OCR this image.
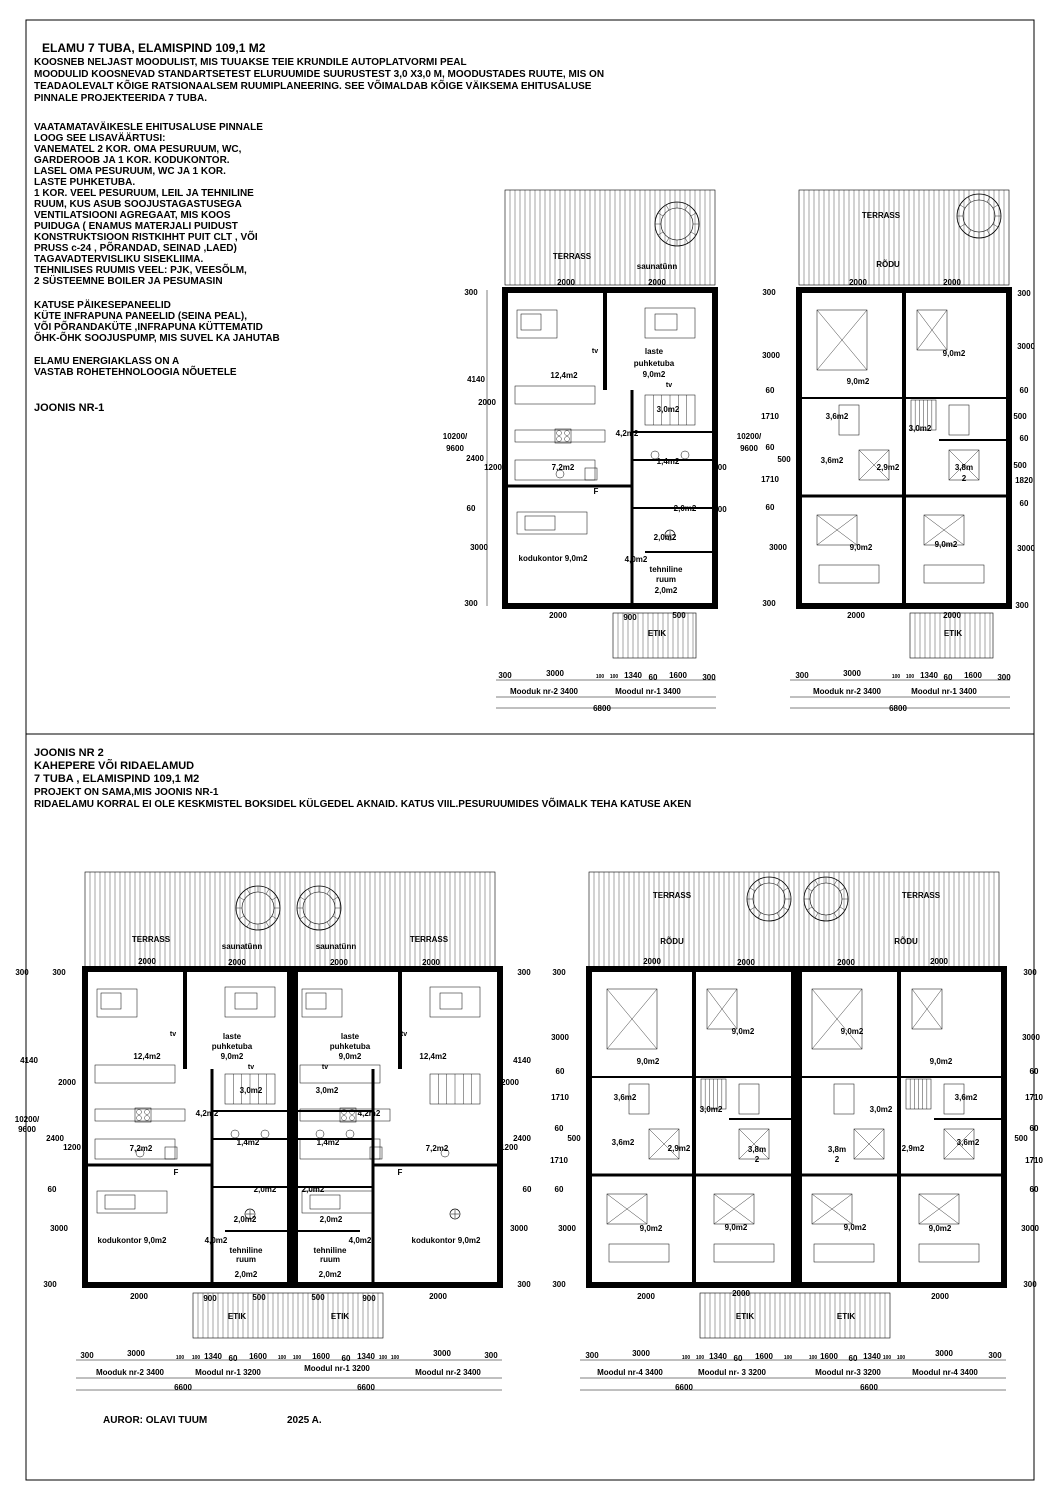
TERRASS
saunatünn
2000	2000
12,4m2
tv	laste
puhketuba
9,0m2
tv
3,0m2
4,2m2
7,2m2
F
1,4m2
2,0m2
2,0m2
kodukontor 9,0m2	4,0m2
tehniline
ruum
2,0m2
2000	900	500
ETIK
300
4140
2000
10200/
9600
2400
1200
60
3000
300
500
500
300	3000	100 100 1340 60 1600 300
Mooduk nr-2 3400	Moodul nr-1 3400
6800
TERRASS
RÕDU
2000	2000
9,0m2
9,0m2
3,6m2
3,0m2
3,6m2
2,9m2	3,8m
2
9,0m2	9,0m2
2000	2000
ETIK
300
3000
60
1710
10200/
9600 60
500
1710
60
3000
300
300
3000
60
500
60
500
1820
60
3000
300
300	3000	100 100 1340 60 1600 300
Mooduk nr-2 3400	Moodul nr-1 3400
6800
TERRASS
saunatünn	saunatünn
TERRASS
2000	2000	2000	2000
12,4m2	12,4m2
tv	tv
laste
puhketuba
9,0m2
laste
puhketuba
9,0m2
tv	tv
3,0m2	3,0m2
4,2m2	4,2m2
7,2m2	7,2m2
F	F
1,4m2	1,4m2
2,0m2	2,0m2
2,0m2	2,0m2
kodukontor 9,0m2	kodukontor 9,0m2
4,0m2	4,0m2
tehniline
ruum
2,0m2
tehniline
ruum
2,0m2
2000	2000
900	500	500	900
ETIK	ETIK
300	300
4140
2000
10200/
9600
2400
1200
60
3000
300
300
4140
2000
2400
1200
60
3000
300
300	3000	100 100 1340 60 1600 100 100 1600 60 1340 100 100	3000	300
Mooduk nr-2 3400	Moodul nr-1 3200	Moodul nr-1 3200	Moodul nr-2 3400
6600	6600
TERRASS	TERRASS
RÕDU	RÕDU
2000	2000	2000	2000
9,0m2	9,0m2
9,0m2	9,0m2
3,6m2	3,6m2
3,0m2	3,0m2
3,6m2	3,6m2
2,9m2	2,9m2
3,8m
2
3,8m
2
9,0m2	9,0m2	9,0m2	9,0m2
2000	2000	2000
ETIK	ETIK
300
3000
60
1710
60
500
1710
60
3000
300
300
3000
60
1710
60
500
1710
60
3000
300
300	3000	100 100 1340 60 1600 100	100 1600 60 1340 100 100	3000	300
Moodul nr-4 3400	Moodul nr- 3 3200	Moodul nr-3 3200	Moodul nr-4 3400
6600	6600
ELAMU 7 TUBA, ELAMISPIND 109,1 M2
KOOSNEB NELJAST MOODULIST, MIS TUUAKSE TEIE KRUNDILE AUTOPLATVORMI PEAL
MOODULID KOOSNEVAD STANDARTSETEST ELURUUMIDE SUURUSTEST 3,0 X3,0 M, MOODUSTADES RUUTE, MIS ON
TEADAOLEVALT KÕIGE RATSIONAALSEM RUUMIPLANEERING. SEE VÕIMALDAB KÕIGE VÄIKSEMA EHITUSALUSE
PINNALE PROJEKTEERIDA 7 TUBA.
VAATAMATAVÄIKESLE EHITUSALUSE PINNALE
LOOG SEE LISAVÄÄRTUSI:
VANEMATEL 2 KOR. OMA PESURUUM, WC,
GARDEROOB JA 1 KOR. KODUKONTOR.
LASEL OMA PESURUUM, WC JA 1 KOR.
LASTE PUHKETUBA.
1 KOR. VEEL PESURUUM, LEIL JA TEHNILINE
RUUM, KUS ASUB SOOJUSTAGASTUSEGA
VENTILATSIOONI AGREGAAT, MIS KOOS
PUIDUGA ( ENAMUS MATERJALI PUIDUST
KONSTRUKTSIOON RISTKIHHT PUIT CLT , VÕI
PRUSS c-24 , PÕRANDAD, SEINAD ,LAED)
TAGAVADTERVISLIKU SISEKLIIMA.
TEHNILISES RUUMIS VEEL: PJK, VEESÕLM,
2 SÜSTEEMNE BOILER JA PESUMASIN
KATUSE PÄIKESEPANEELID
KÜTE INFRAPUNA PANEELID (SEINA PEAL),
VÕI PÕRANDAKÜTE ,INFRAPUNA KÜTTEMATID
ÕHK-ÕHK SOOJUSPUMP, MIS SUVEL KA JAHUTAB
ELAMU ENERGIAKLASS ON A
VASTAB ROHETEHNOLOOGIA NÕUETELE
JOONIS NR-1
JOONIS NR 2
KAHEPERE VÕI RIDAELAMUD
7 TUBA , ELAMISPIND 109,1 M2
PROJEKT ON SAMA,MIS JOONIS NR-1
RIDAELAMU KORRAL EI OLE KESKMISTEL BOKSIDEL KÜLGEDEL AKNAID. KATUS VIIL.PESURUUMIDES VÕIMALK TEHA KATUSE AKEN
AUROR: OLAVI TUUM	2025 A.
